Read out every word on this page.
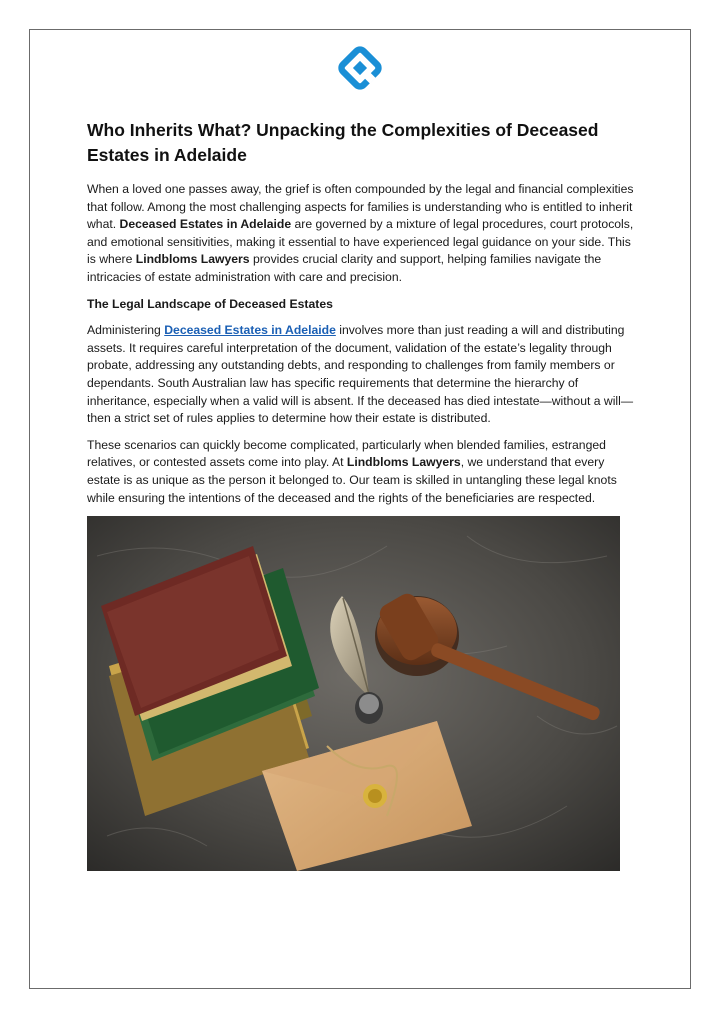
Who Inherits What? Unpacking the Complexities of Deceased Estates in Adelaide

When a loved one passes away, the grief is often compounded by the legal and financial complexities that follow. Among the most challenging aspects for families is understanding who is entitled to inherit what. Deceased Estates in Adelaide are governed by a mixture of legal procedures, court protocols, and emotional sensitivities, making it essential to have experienced legal guidance on your side. This is where Lindbloms Lawyers provides crucial clarity and support, helping families navigate the intricacies of estate administration with care and precision.

The Legal Landscape of Deceased Estates

Administering Deceased Estates in Adelaide involves more than just reading a will and distributing assets. It requires careful interpretation of the document, validation of the estate’s legality through probate, addressing any outstanding debts, and responding to challenges from family members or dependants. South Australian law has specific requirements that determine the hierarchy of inheritance, especially when a valid will is absent. If the deceased has died intestate—without a will—then a strict set of rules applies to determine how their estate is distributed.

These scenarios can quickly become complicated, particularly when blended families, estranged relatives, or contested assets come into play. At Lindbloms Lawyers, we understand that every estate is as unique as the person it belonged to. Our team is skilled in untangling these legal knots while ensuring the intentions of the deceased and the rights of the beneficiaries are respected.
